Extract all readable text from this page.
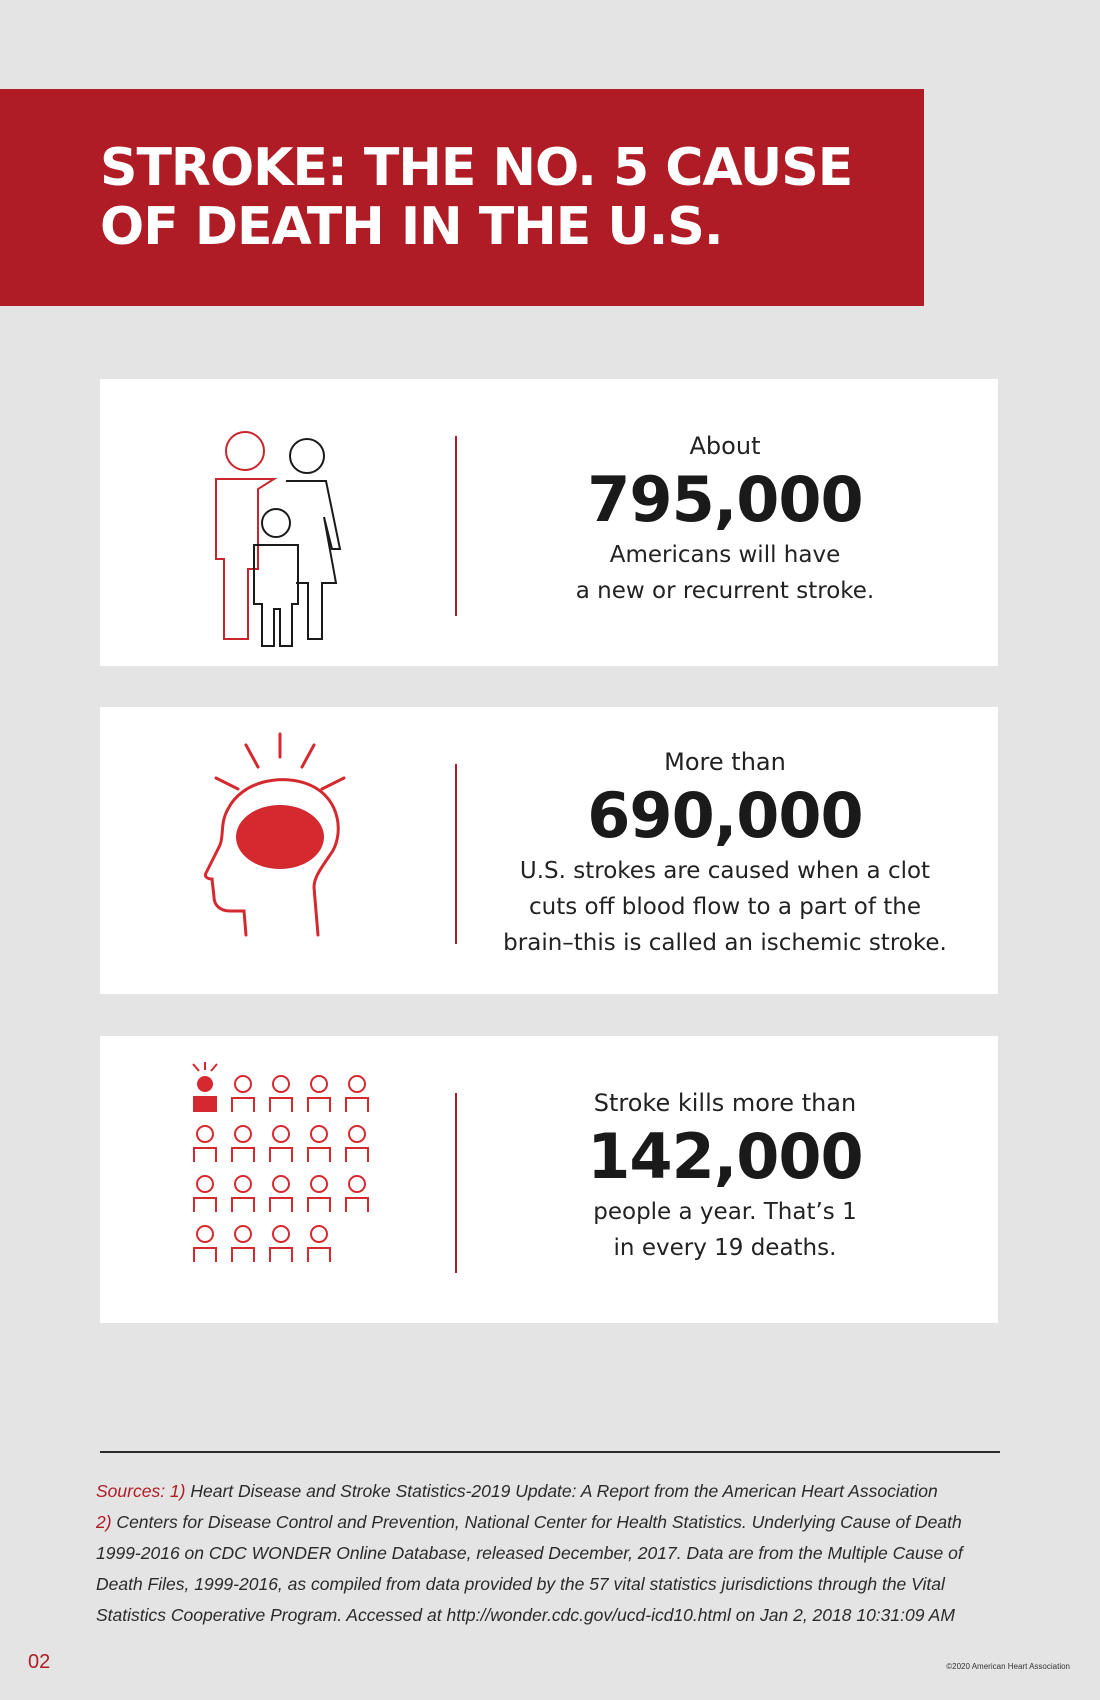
STROKE: THE NO. 5 CAUSE
OF DEATH IN THE U.S.
About
795,000
Americans will have
a new or recurrent stroke.
More than
690,000
U.S. strokes are caused when a clot
cuts off blood flow to a part of the
brain–this is called an ischemic stroke.
Stroke kills more than
142,000
people a year. That’s 1
in every 19 deaths.
Sources: 1) Heart Disease and Stroke Statistics-2019 Update: A Report from the American Heart Association
2) Centers for Disease Control and Prevention, National Center for Health Statistics. Underlying Cause of Death
1999-2016 on CDC WONDER Online Database, released December, 2017. Data are from the Multiple Cause of
Death Files, 1999-2016, as compiled from data provided by the 57 vital statistics jurisdictions through the Vital
Statistics Cooperative Program. Accessed at http://wonder.cdc.gov/ucd-icd10.html on Jan 2, 2018 10:31:09 AM
02	©2020 American Heart Association
